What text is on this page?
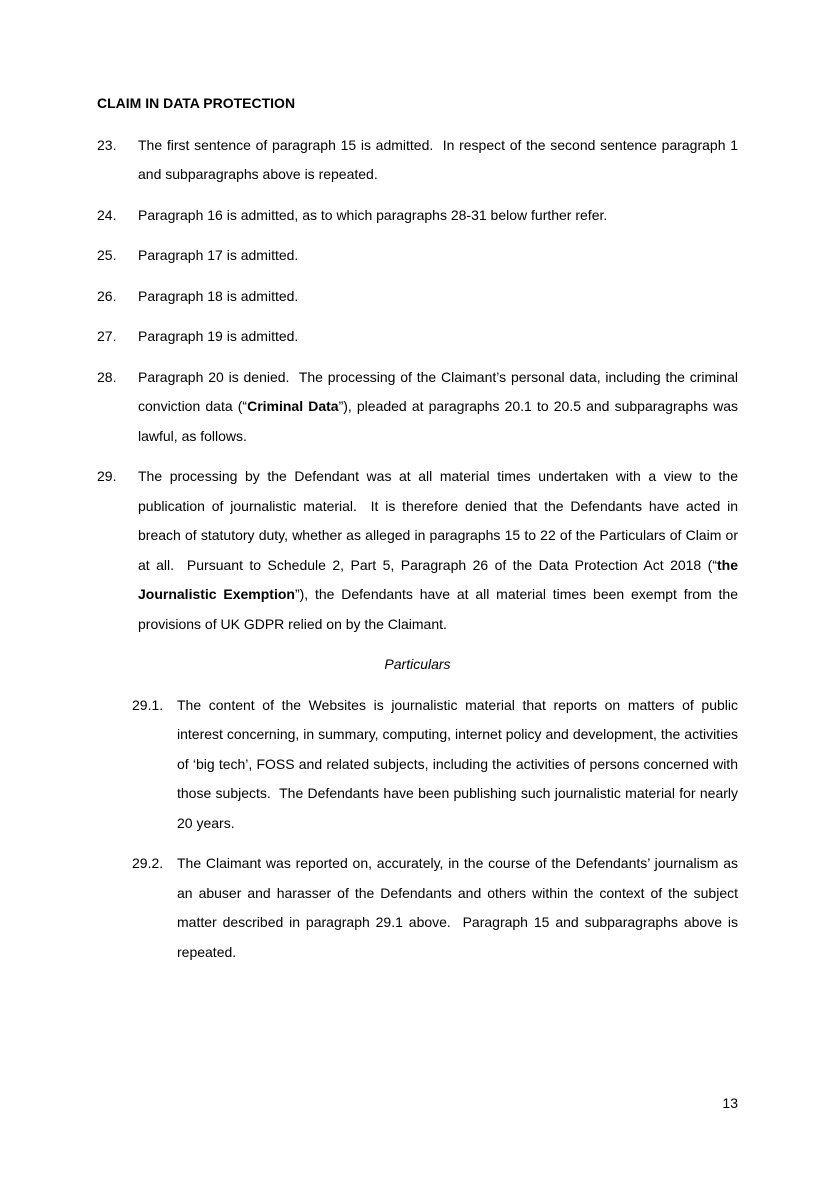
CLAIM IN DATA PROTECTION
23.	The first sentence of paragraph 15 is admitted.  In respect of the second sentence paragraph 1 and subparagraphs above is repeated.
24.	Paragraph 16 is admitted, as to which paragraphs 28-31 below further refer.
25.	Paragraph 17 is admitted.
26.	Paragraph 18 is admitted.
27.	Paragraph 19 is admitted.
28.	Paragraph 20 is denied.  The processing of the Claimant’s personal data, including the criminal conviction data (“Criminal Data”), pleaded at paragraphs 20.1 to 20.5 and subparagraphs was lawful, as follows.
29.	The processing by the Defendant was at all material times undertaken with a view to the publication of journalistic material.  It is therefore denied that the Defendants have acted in breach of statutory duty, whether as alleged in paragraphs 15 to 22 of the Particulars of Claim or at all.  Pursuant to Schedule 2, Part 5, Paragraph 26 of the Data Protection Act 2018 (“the Journalistic Exemption”), the Defendants have at all material times been exempt from the provisions of UK GDPR relied on by the Claimant.
Particulars
29.1. The content of the Websites is journalistic material that reports on matters of public interest concerning, in summary, computing, internet policy and development, the activities of ‘big tech’, FOSS and related subjects, including the activities of persons concerned with those subjects.  The Defendants have been publishing such journalistic material for nearly 20 years.
29.2. The Claimant was reported on, accurately, in the course of the Defendants’ journalism as an abuser and harasser of the Defendants and others within the context of the subject matter described in paragraph 29.1 above.  Paragraph 15 and subparagraphs above is repeated.
13
